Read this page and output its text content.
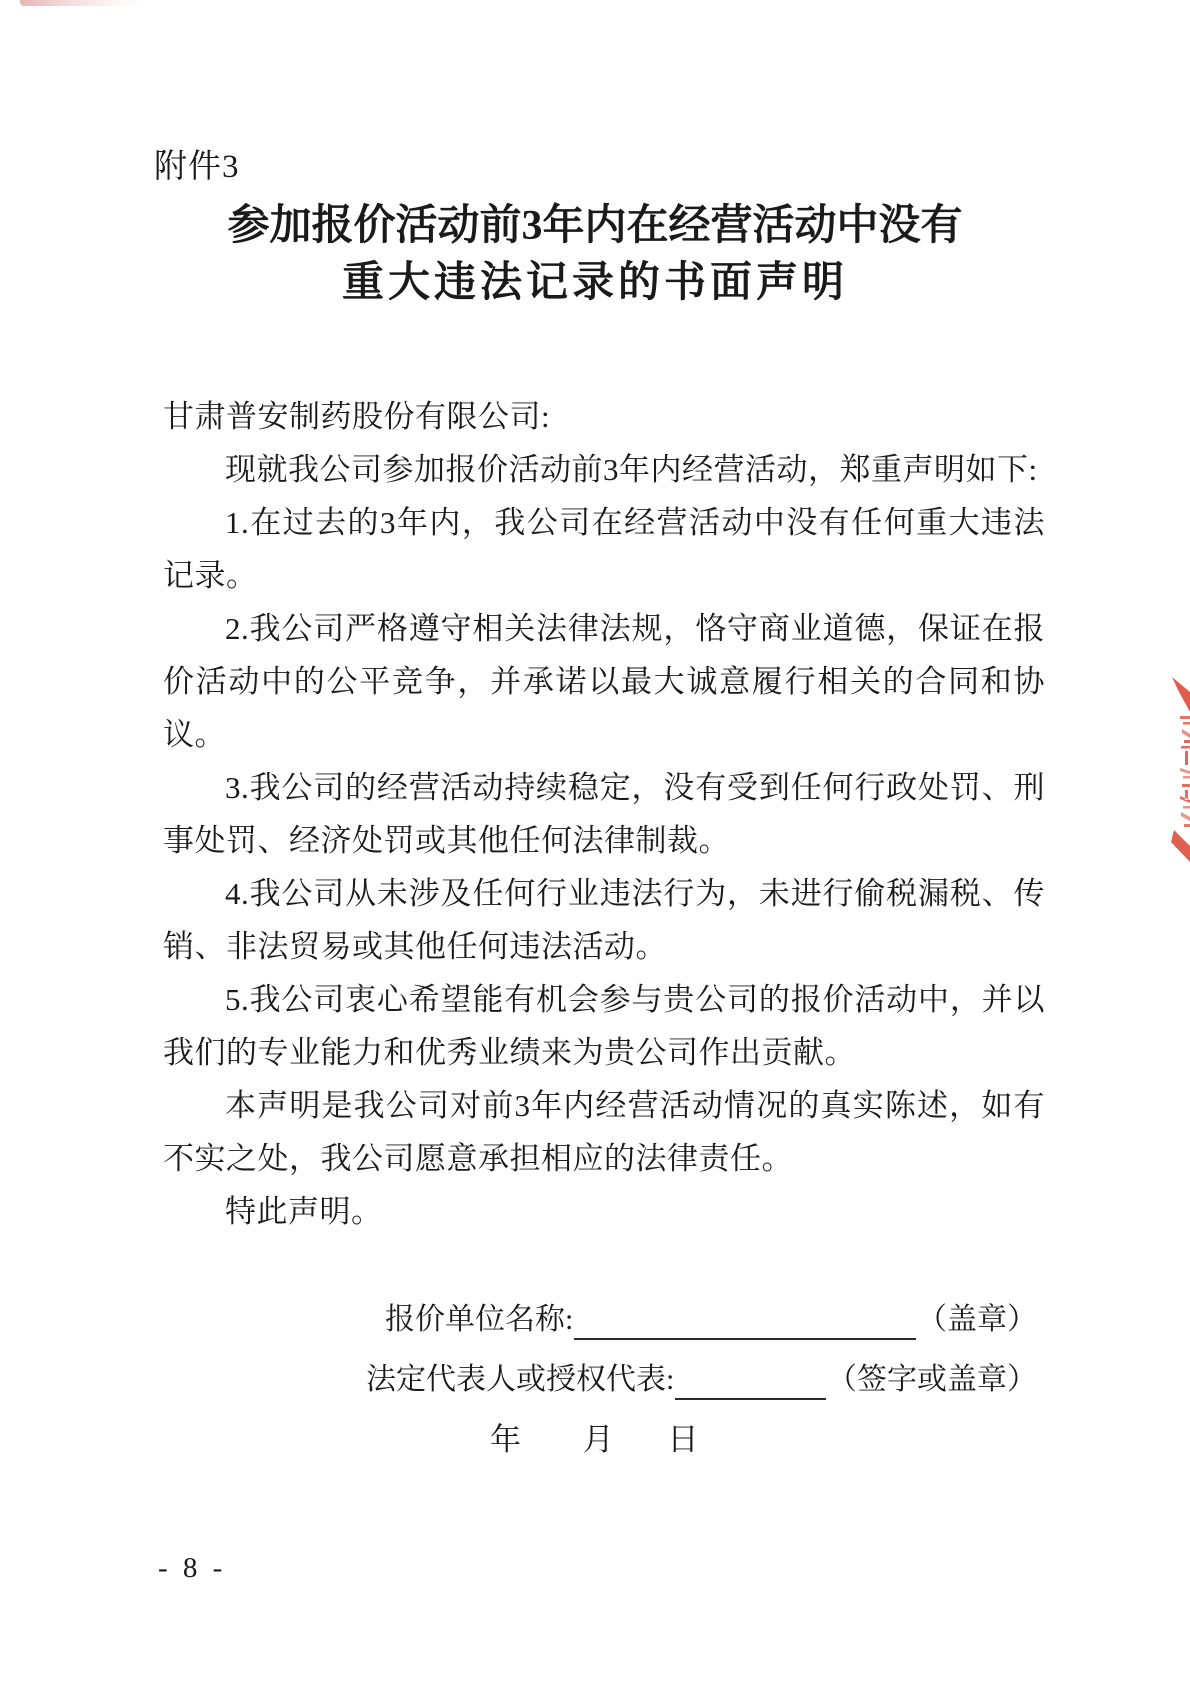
附件3
参加报价活动前3年内在经营活动中没有
重大违法记录的书面声明

甘肃普安制药股份有限公司:

现就我公司参加报价活动前3年内经营活动，郑重声明如下:

1.在过去的3年内，我公司在经营活动中没有任何重大违法记录。

2.我公司严格遵守相关法律法规，恪守商业道德，保证在报价活动中的公平竞争，并承诺以最大诚意履行相关的合同和协议。

3.我公司的经营活动持续稳定，没有受到任何行政处罚、刑事处罚、经济处罚或其他任何法律制裁。

4.我公司从未涉及任何行业违法行为，未进行偷税漏税、传销、非法贸易或其他任何违法活动。

5.我公司衷心希望能有机会参与贵公司的报价活动中，并以我们的专业能力和优秀业绩来为贵公司作出贡献。

本声明是我公司对前3年内经营活动情况的真实陈述，如有不实之处，我公司愿意承担相应的法律责任。

特此声明。

报价单位名称:	（盖章）
法定代表人或授权代表:	（签字或盖章）
年 月 日
- 8 -
